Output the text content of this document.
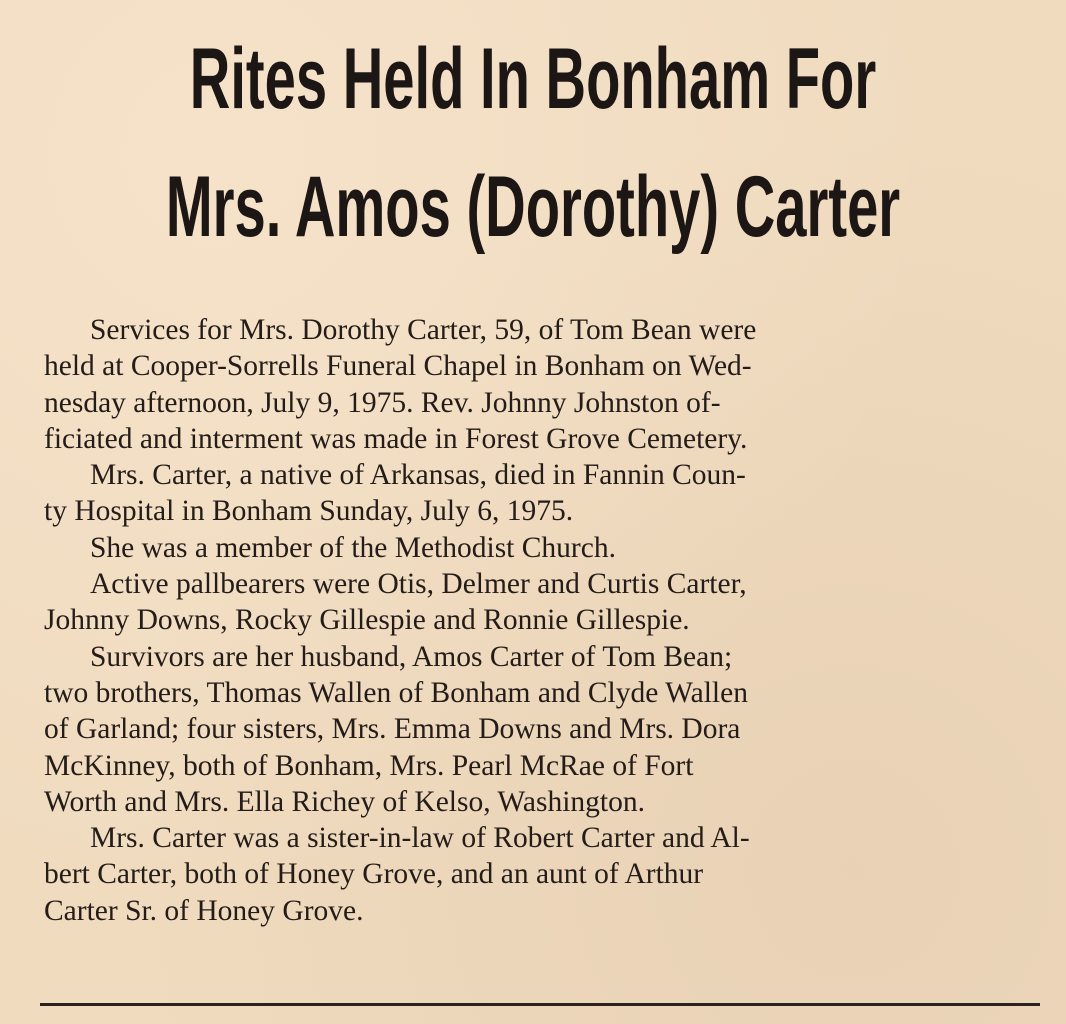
Rites Held In Bonham For
Mrs. Amos (Dorothy) Carter
Services for Mrs. Dorothy Carter, 59, of Tom Bean were
held at Cooper-Sorrells Funeral Chapel in Bonham on Wed-
nesday afternoon, July 9, 1975. Rev. Johnny Johnston of-
ficiated and interment was made in Forest Grove Cemetery.
Mrs. Carter, a native of Arkansas, died in Fannin Coun-
ty Hospital in Bonham Sunday, July 6, 1975.
She was a member of the Methodist Church.
Active pallbearers were Otis, Delmer and Curtis Carter,
Johnny Downs, Rocky Gillespie and Ronnie Gillespie.
Survivors are her husband, Amos Carter of Tom Bean;
two brothers, Thomas Wallen of Bonham and Clyde Wallen
of Garland; four sisters, Mrs. Emma Downs and Mrs. Dora
McKinney, both of Bonham, Mrs. Pearl McRae of Fort
Worth and Mrs. Ella Richey of Kelso, Washington.
Mrs. Carter was a sister-in-law of Robert Carter and Al-
bert Carter, both of Honey Grove, and an aunt of Arthur
Carter Sr. of Honey Grove.
